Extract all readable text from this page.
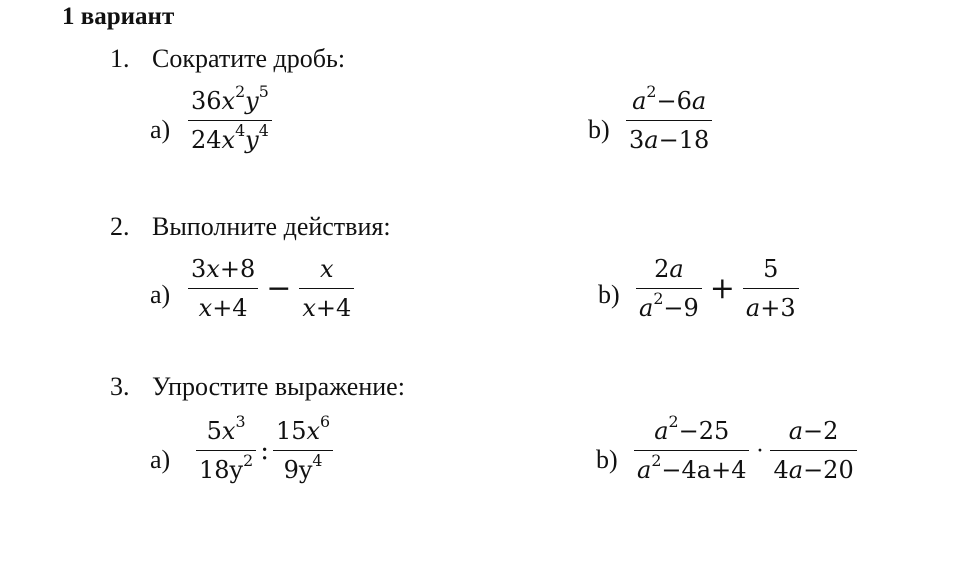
1 вариант
1. Сократите дробь:
$a) \frac{36x^2y^5}{24x^4y^4}$	$b) \frac{a^2-6a}{3a-18}$
2. Выполните действия:
$a) \frac{3x+8}{x+4} - \frac{x}{x+4}$	$b) \frac{2a}{a^2-9} + \frac{5}{a+3}$
3. Упростите выражение:
$a) \frac{5x^3}{18y^2}$ : $\frac{15x^6}{9y^4}$	$b) \frac{a^2-25}{a^2-4a+4} \cdot \frac{a-2}{4a-20}$
